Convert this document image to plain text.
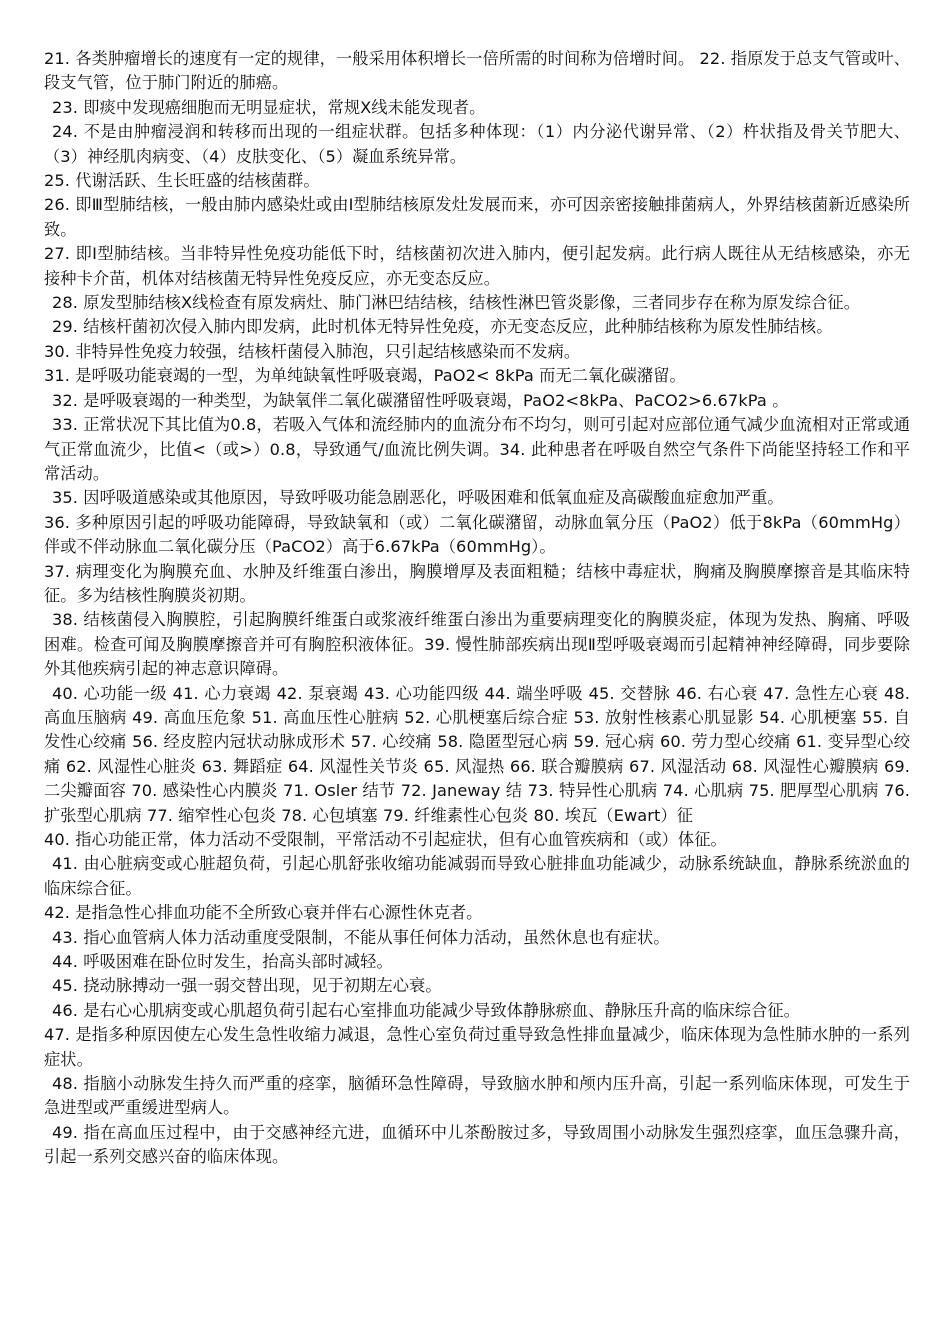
21. 各类肿瘤增长的速度有一定的规律，一般采用体积增长一倍所需的时间称为倍增时间。 22. 指原发于总支气管或叶、段支气管，位于肺门附近的肺癌。

23. 即痰中发现癌细胞而无明显症状，常规X线未能发现者。

24. 不是由肿瘤浸润和转移而出现的一组症状群。包括多种体现：（1）内分泌代谢异常、（2）杵状指及骨关节肥大、（3）神经肌肉病变、（4）皮肤变化、（5）凝血系统异常。

25. 代谢活跃、生长旺盛的结核菌群。

26. 即Ⅲ型肺结核，一般由肺内感染灶或由Ⅰ型肺结核原发灶发展而来，亦可因亲密接触排菌病人，外界结核菌新近感染所致。

27. 即Ⅰ型肺结核。当非特异性免疫功能低下时，结核菌初次进入肺内，便引起发病。此行病人既往从无结核感染，亦无接种卡介苗，机体对结核菌无特异性免疫反应，亦无变态反应。

28. 原发型肺结核X线检查有原发病灶、肺门淋巴结结核，结核性淋巴管炎影像，三者同步存在称为原发综合征。

29. 结核杆菌初次侵入肺内即发病，此时机体无特异性免疫，亦无变态反应，此种肺结核称为原发性肺结核。

30. 非特异性免疫力较强，结核杆菌侵入肺泡，只引起结核感染而不发病。

31. 是呼吸功能衰竭的一型，为单纯缺氧性呼吸衰竭，PaO2< 8kPa 而无二氧化碳潴留。

32. 是呼吸衰竭的一种类型，为缺氧伴二氧化碳潴留性呼吸衰竭，PaO2<8kPa、PaCO2>6.67kPa 。

33. 正常状况下其比值为0.8，若吸入气体和流经肺内的血流分布不均匀，则可引起对应部位通气减少血流相对正常或通气正常血流少，比值<（或>）0.8，导致通气/血流比例失调。34. 此种患者在呼吸自然空气条件下尚能坚持轻工作和平常活动。

35. 因呼吸道感染或其他原因，导致呼吸功能急剧恶化，呼吸困难和低氧血症及高碳酸血症愈加严重。

36. 多种原因引起的呼吸功能障碍，导致缺氧和（或）二氧化碳潴留，动脉血氧分压（PaO2）低于8kPa（60mmHg）伴或不伴动脉血二氧化碳分压（PaCO2）高于6.67kPa（60mmHg）。

37. 病理变化为胸膜充血、水肿及纤维蛋白渗出，胸膜增厚及表面粗糙；结核中毒症状，胸痛及胸膜摩擦音是其临床特征。多为结核性胸膜炎初期。

38. 结核菌侵入胸膜腔，引起胸膜纤维蛋白或浆液纤维蛋白渗出为重要病理变化的胸膜炎症，体现为发热、胸痛、呼吸困难。检查可闻及胸膜摩擦音并可有胸腔积液体征。39. 慢性肺部疾病出现Ⅱ型呼吸衰竭而引起精神神经障碍，同步要除外其他疾病引起的神志意识障碍。

40. 心功能一级 41. 心力衰竭 42. 泵衰竭 43. 心功能四级 44. 端坐呼吸 45. 交替脉 46. 右心衰 47. 急性左心衰 48. 高血压脑病 49. 高血压危象 51. 高血压性心脏病 52. 心肌梗塞后综合症 53. 放射性核素心肌显影 54. 心肌梗塞 55. 自发性心绞痛 56. 经皮腔内冠状动脉成形术 57. 心绞痛 58. 隐匿型冠心病 59. 冠心病 60. 劳力型心绞痛 61. 变异型心绞痛 62. 风湿性心脏炎 63. 舞蹈症 64. 风湿性关节炎 65. 风湿热 66. 联合瓣膜病 67. 风湿活动 68. 风湿性心瓣膜病 69. 二尖瓣面容 70. 感染性心内膜炎 71. Osler 结节 72. Janeway 结 73. 特异性心肌病 74. 心肌病 75. 肥厚型心肌病 76. 扩张型心肌病 77. 缩窄性心包炎 78. 心包填塞 79. 纤维素性心包炎 80. 埃瓦（Ewart）征

40. 指心功能正常，体力活动不受限制，平常活动不引起症状，但有心血管疾病和（或）体征。

41. 由心脏病变或心脏超负荷，引起心肌舒张收缩功能减弱而导致心脏排血功能减少，动脉系统缺血，静脉系统淤血的临床综合征。

42. 是指急性心排血功能不全所致心衰并伴右心源性休克者。

43. 指心血管病人体力活动重度受限制，不能从事任何体力活动，虽然休息也有症状。

44. 呼吸困难在卧位时发生，抬高头部时减轻。

45. 挠动脉搏动一强一弱交替出现，见于初期左心衰。

46. 是右心心肌病变或心肌超负荷引起右心室排血功能减少导致体静脉瘀血、静脉压升高的临床综合征。

47. 是指多种原因使左心发生急性收缩力减退，急性心室负荷过重导致急性排血量减少，临床体现为急性肺水肿的一系列症状。

48. 指脑小动脉发生持久而严重的痉挛，脑循环急性障碍，导致脑水肿和颅内压升高，引起一系列临床体现，可发生于急进型或严重缓进型病人。

49. 指在高血压过程中，由于交感神经亢进，血循环中儿茶酚胺过多，导致周围小动脉发生强烈痉挛，血压急骤升高，引起一系列交感兴奋的临床体现。
